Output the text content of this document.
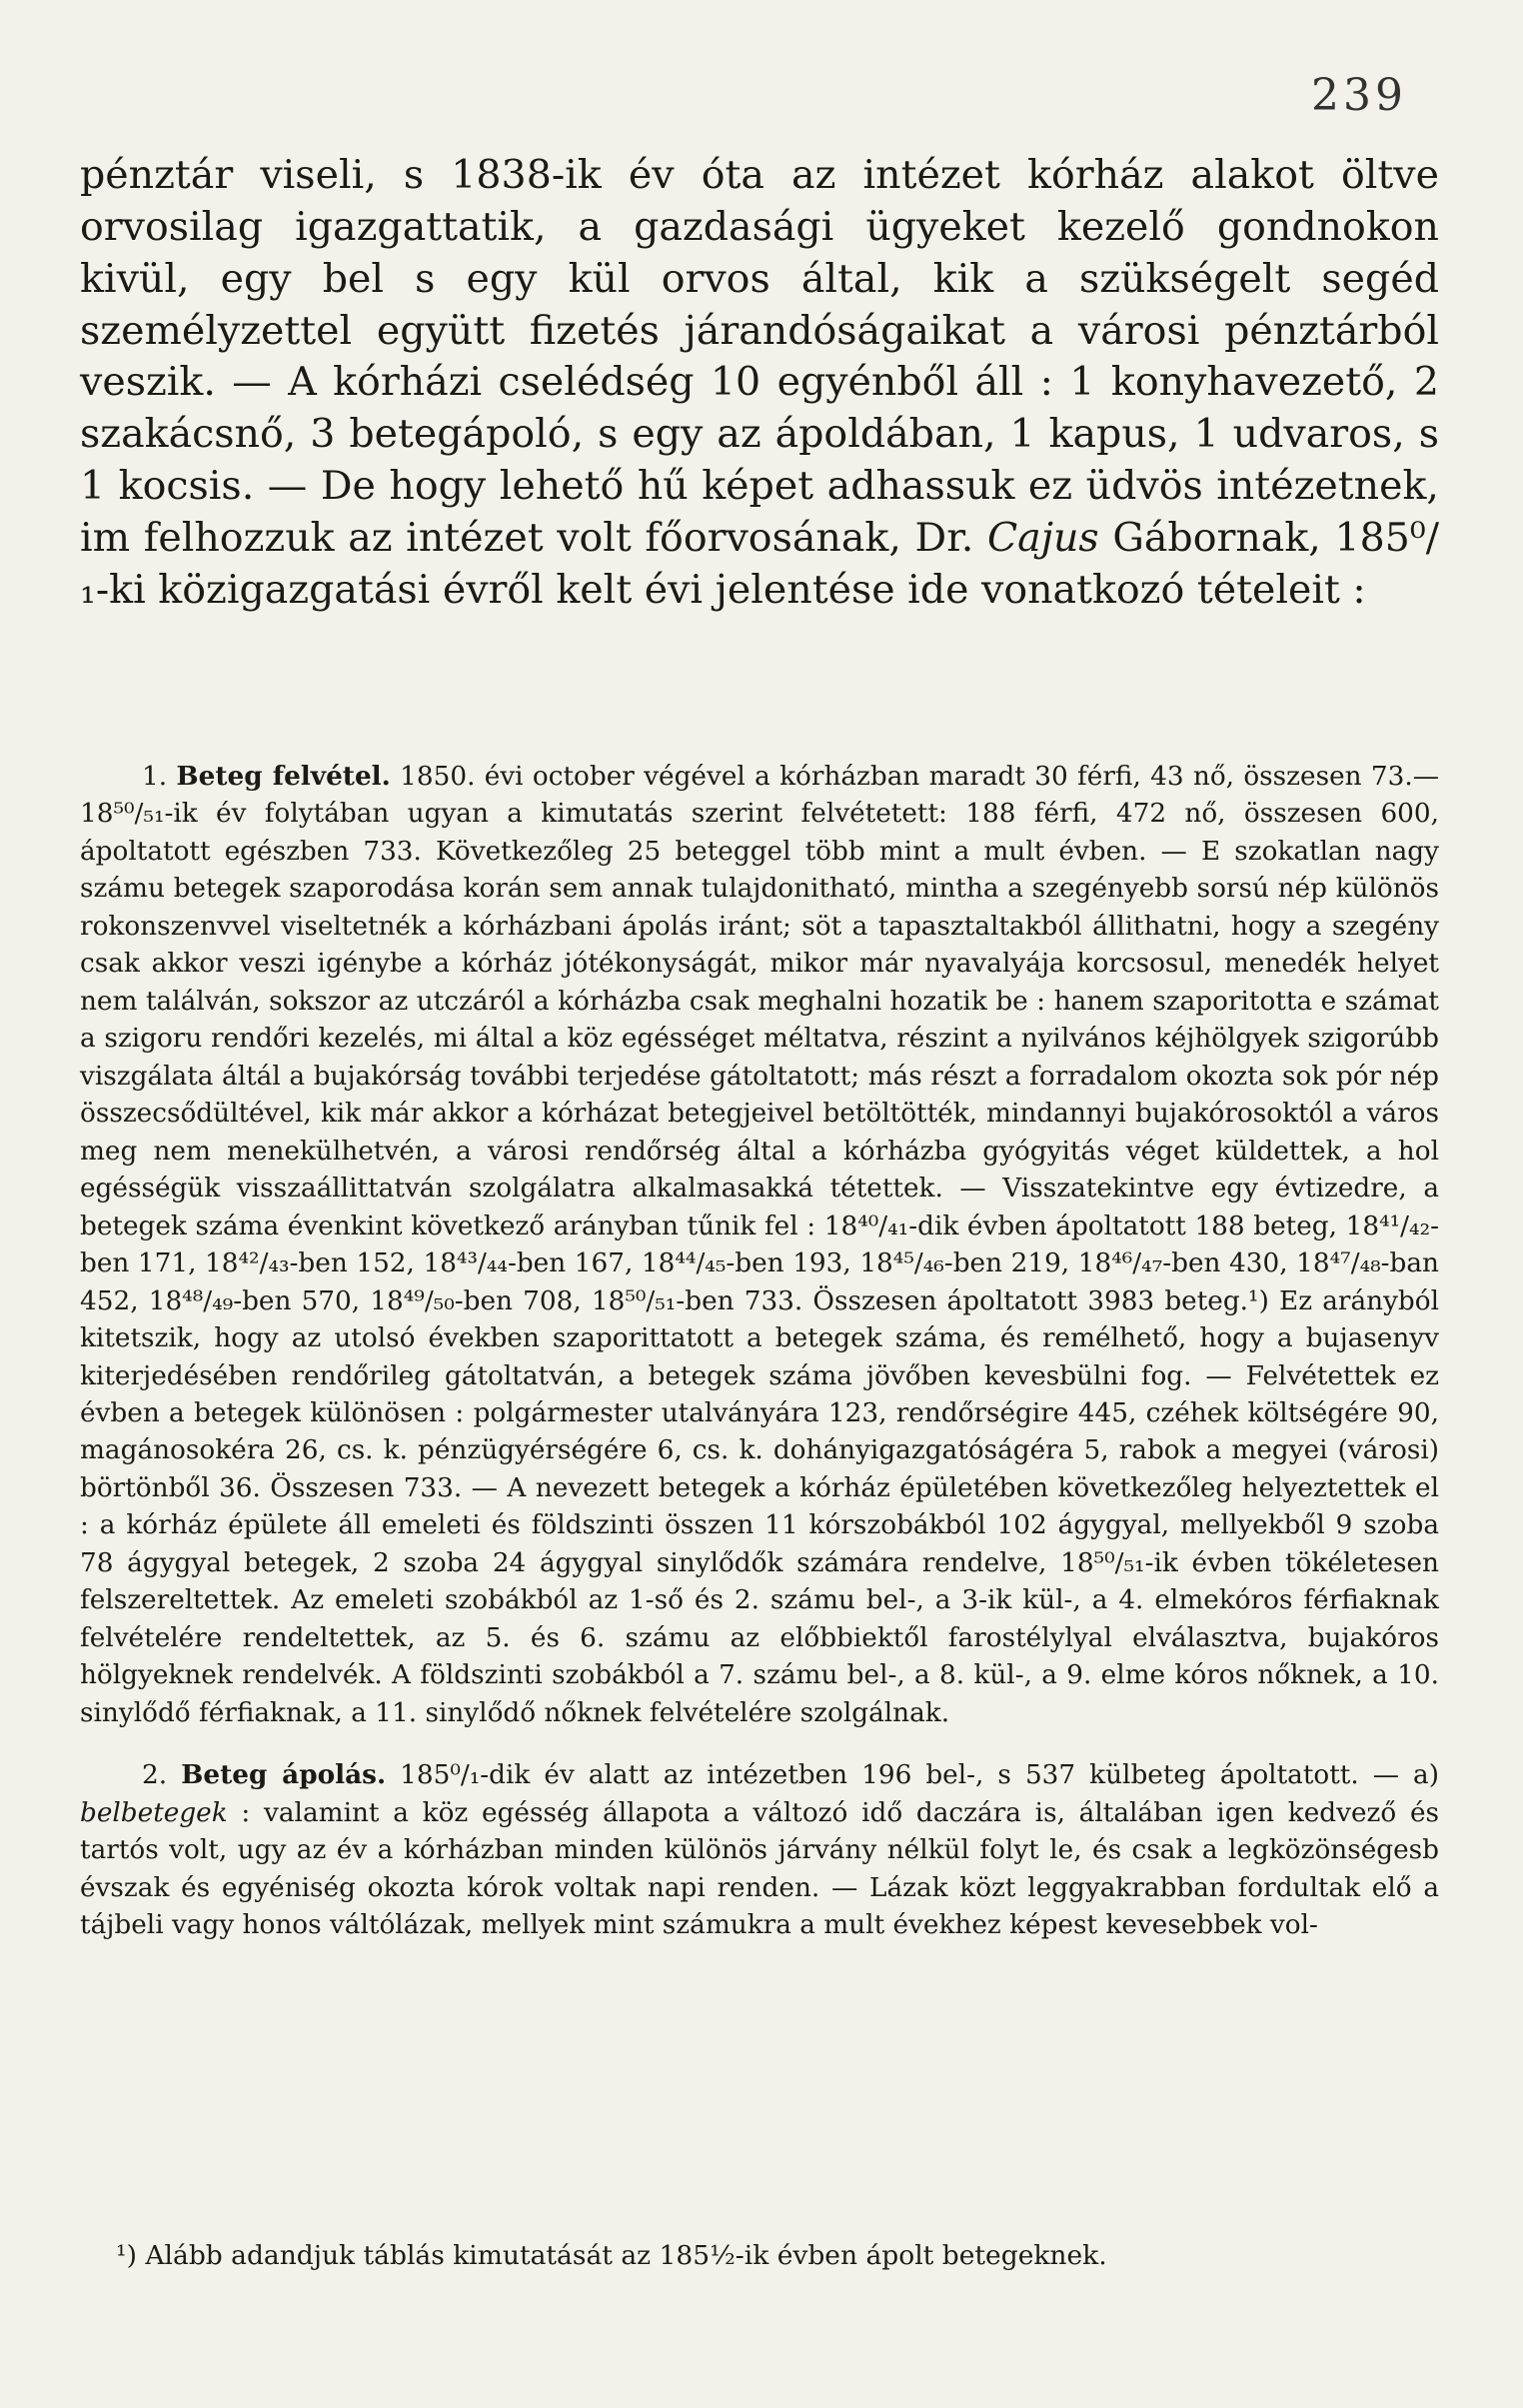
239
pénztár viseli, s 1838-ik év óta az intézet kórház alakot öltve orvosilag igazgattatik, a gazdasági ügyeket kezelő gondnokon kivül, egy bel s egy kül orvos által, kik a szükségelt segéd személyzettel együtt fizetés járandóságaikat a városi pénztárból veszik. — A kórházi cselédség 10 egyénből áll : 1 konyhavezető, 2 szakácsnő, 3 betegápoló, s egy az ápoldában, 1 kapus, 1 udvaros, s 1 kocsis. — De hogy lehető hű képet adhassuk ez üdvös intézetnek, im felhozzuk az intézet volt főorvosának, Dr. Cajus Gábornak, 185⁰/₁-ki közigazgatási évről kelt évi jelentése ide vonatkozó tételeit :

1. Beteg felvétel. 1850. évi october végével a kórházban maradt 30 férfi, 43 nő, összesen 73.— 18⁵⁰/₅₁-ik év folytában ugyan a kimutatás szerint felvétetett: 188 férfi, 472 nő, összesen 600, ápoltatott egészben 733. Következőleg 25 beteggel több mint a mult évben. — E szokatlan nagy számu betegek szaporodása korán sem annak tulajdonitható, mintha a szegényebb sorsú nép különös rokonszenvvel viseltetnék a kórházbani ápolás iránt; söt a tapasztaltakból állithatni, hogy a szegény csak akkor veszi igénybe a kórház jótékonyságát, mikor már nyavalyája korcsosul, menedék helyet nem találván, sokszor az utczáról a kórházba csak meghalni hozatik be : hanem szaporitotta e számat a szigoru rendőri kezelés, mi által a köz egésséget méltatva, részint a nyilvános kéjhölgyek szigorúbb viszgálata áltál a bujakórság további terjedése gátoltatott; más részt a forradalom okozta sok pór nép összecsődültével, kik már akkor a kórházat betegjeivel betöltötték, mindannyi bujakórosoktól a város meg nem menekülhetvén, a városi rendőrség által a kórházba gyógyitás véget küldettek, a hol egésségük visszaállittatván szolgálatra alkalmasakká tétettek. — Visszatekintve egy évtizedre, a betegek száma évenkint következő arányban tűnik fel : 18⁴⁰/₄₁-dik évben ápoltatott 188 beteg, 18⁴¹/₄₂-ben 171, 18⁴²/₄₃-ben 152, 18⁴³/₄₄-ben 167, 18⁴⁴/₄₅-ben 193, 18⁴⁵/₄₆-ben 219, 18⁴⁶/₄₇-ben 430, 18⁴⁷/₄₈-ban 452, 18⁴⁸/₄₉-ben 570, 18⁴⁹/₅₀-ben 708, 18⁵⁰/₅₁-ben 733. Összesen ápoltatott 3983 beteg.¹) Ez arányból kitetszik, hogy az utolsó években szaporittatott a betegek száma, és remélhető, hogy a bujasenyv kiterjedésében rendőrileg gátoltatván, a betegek száma jövőben kevesbülni fog. — Felvétettek ez évben a betegek különösen : polgármester utalványára 123, rendőrségire 445, czéhek költségére 90, magánosokéra 26, cs. k. pénzügyérségére 6, cs. k. dohányigazgatóságéra 5, rabok a megyei (városi) börtönből 36. Összesen 733. — A nevezett betegek a kórház épületében következőleg helyeztettek el : a kórház épülete áll emeleti és földszinti összen 11 kórszobákból 102 ágygyal, mellyekből 9 szoba 78 ágygyal betegek, 2 szoba 24 ágygyal sinylődők számára rendelve, 18⁵⁰/₅₁-ik évben tökéletesen felszereltettek. Az emeleti szobákból az 1-ső és 2. számu bel-, a 3-ik kül-, a 4. elmekóros férfiaknak felvételére rendeltettek, az 5. és 6. számu az előbbiektől farostélylyal elválasztva, bujakóros hölgyeknek rendelvék. A földszinti szobákból a 7. számu bel-, a 8. kül-, a 9. elme kóros nőknek, a 10. sinylődő férfiaknak, a 11. sinylődő nőknek felvételére szolgálnak.

2. Beteg ápolás. 185⁰/₁-dik év alatt az intézetben 196 bel-, s 537 külbeteg ápoltatott. — a) belbetegek : valamint a köz egésség állapota a változó idő daczára is, általában igen kedvező és tartós volt, ugy az év a kórházban minden különös járvány nélkül folyt le, és csak a legközönségesb évszak és egyéniség okozta kórok voltak napi renden. — Lázak közt leggyakrabban fordultak elő a tájbeli vagy honos váltólázak, mellyek mint számukra a mult évekhez képest kevesebbek vol-

¹) Alább adandjuk táblás kimutatását az 185½-ik évben ápolt betegeknek.
